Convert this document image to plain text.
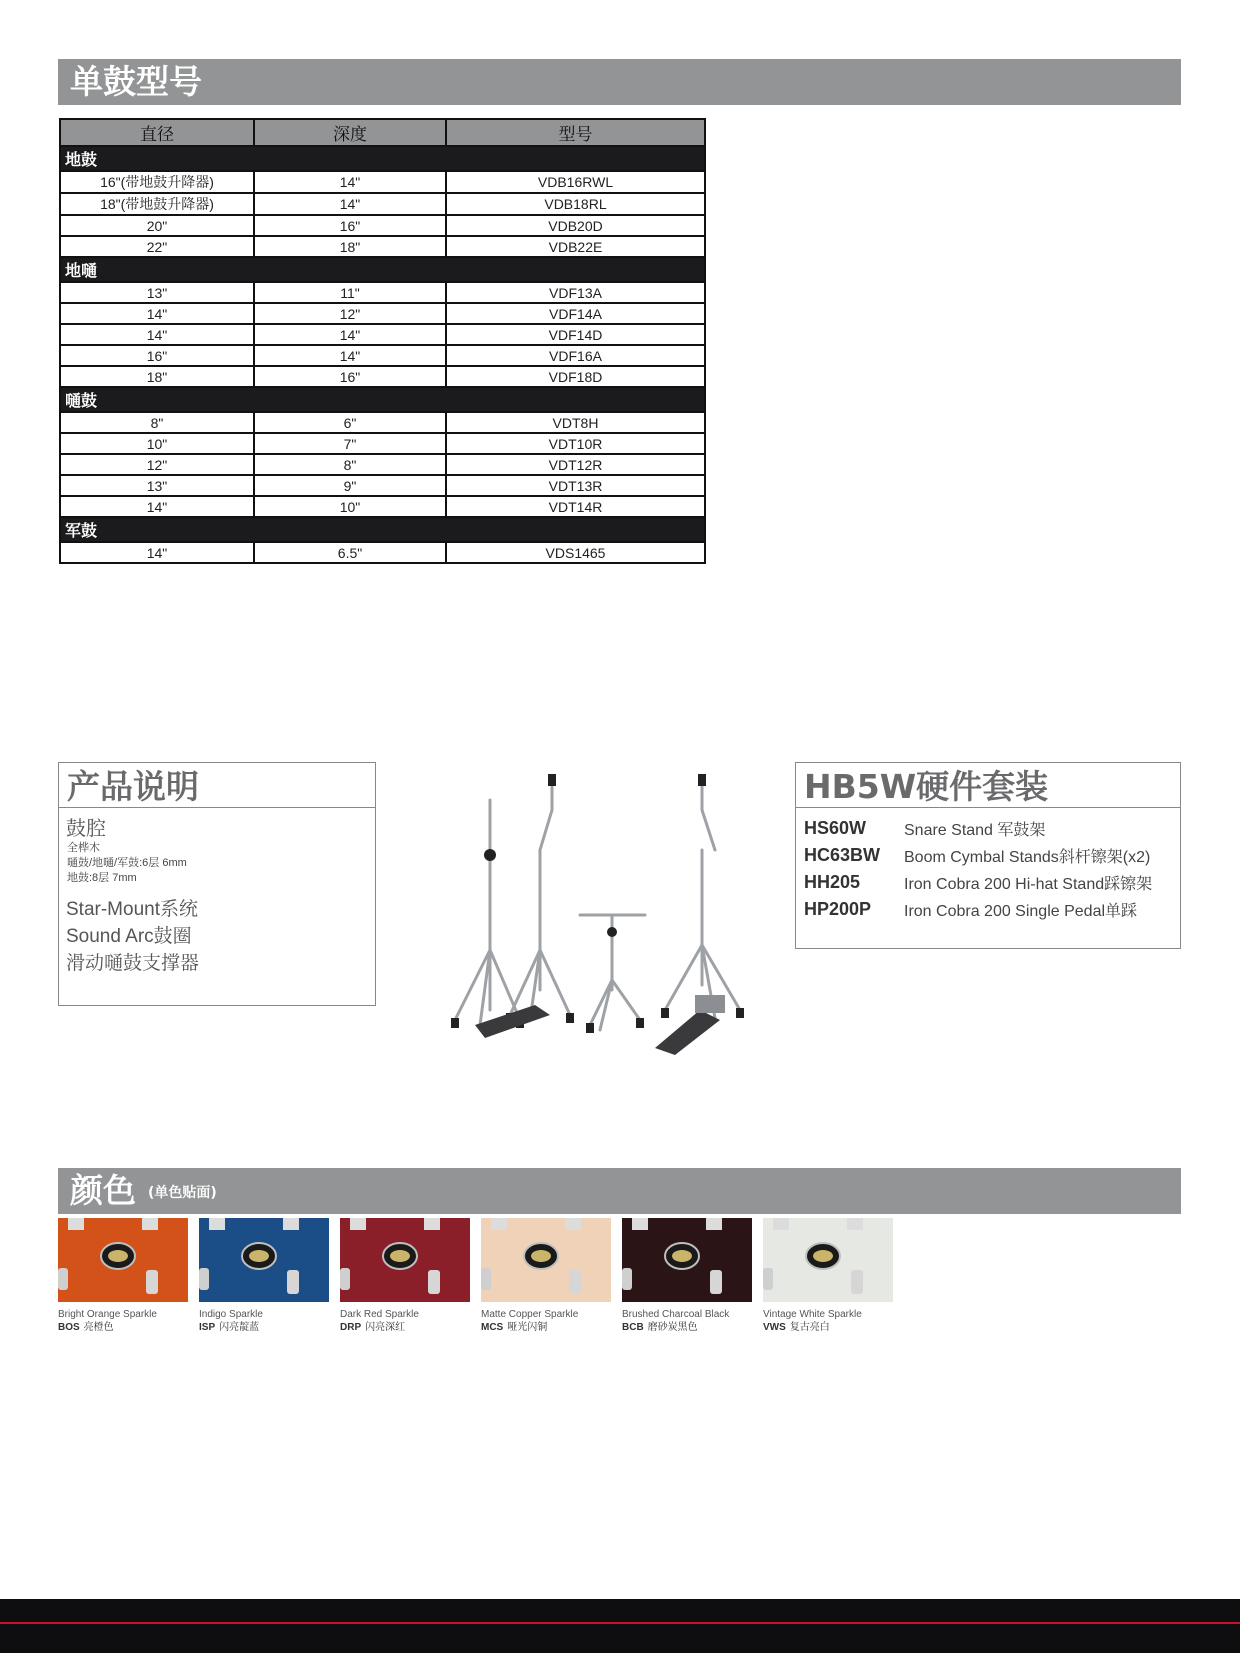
单鼓型号
直径	深度	型号
地鼓		
16"(带地鼓升降器)	14"	VDB16RWL
18"(带地鼓升降器)	14"	VDB18RL
20"	16"	VDB20D
22"	18"	VDB22E
地嗵		
13"	11"	VDF13A
14"	12"	VDF14A
14"	14"	VDF14D
16"	14"	VDF16A
18"	16"	VDF18D
嗵鼓		
8"	6"	VDT8H
10"	7"	VDT10R
12"	8"	VDT12R
13"	9"	VDT13R
14"	10"	VDT14R
军鼓		
14"	6.5"	VDS1465
产品说明
鼓腔
全桦木
嗵鼓/地嗵/军鼓:6层 6mm
地鼓:8层 7mm
Star-Mount系统
Sound Arc鼓圈
滑动嗵鼓支撑器
HB5W硬件套装
HS60W	Snare Stand 军鼓架
HC63BW	Boom Cymbal Stands斜杆镲架(x2)
HH205	Iron Cobra 200 Hi-hat Stand踩镲架
HP200P	Iron Cobra 200 Single Pedal单踩
颜色 (单色贴面)
Bright Orange Sparkle
BOS 亮橙色
Indigo Sparkle
ISP 闪亮靛蓝
Dark Red Sparkle
DRP 闪亮深红
Matte Copper Sparkle
MCS 哑光闪铜
Brushed Charcoal Black
BCB 磨砂炭黑色
Vintage White Sparkle
VWS 复古亮白
